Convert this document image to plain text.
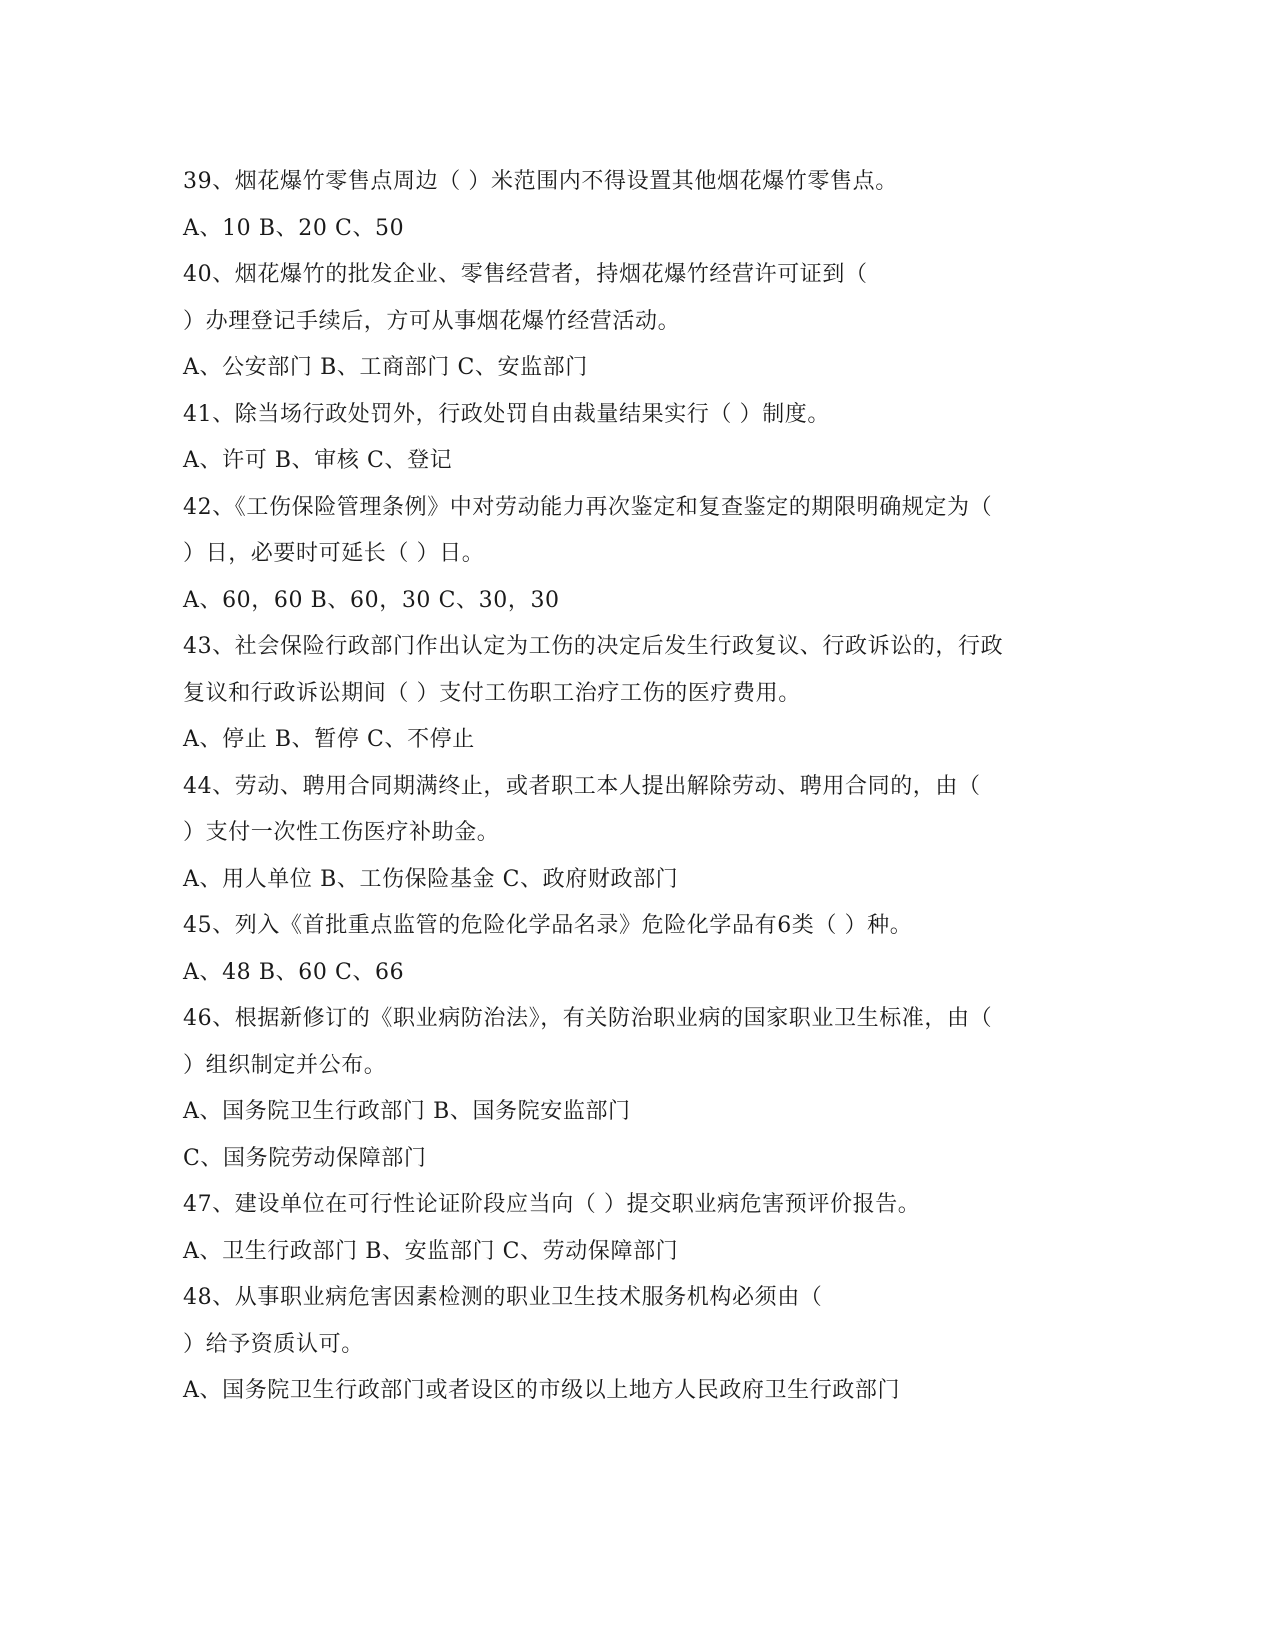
39、烟花爆竹零售点周边（ ）米范围内不得设置其他烟花爆竹零售点。
A、10 B、20 C、50
40、烟花爆竹的批发企业、零售经营者，持烟花爆竹经营许可证到（
）办理登记手续后，方可从事烟花爆竹经营活动。
A、公安部门 B、工商部门 C、安监部门
41、除当场行政处罚外，行政处罚自由裁量结果实行（ ）制度。
A、许可 B、审核 C、登记
42、《工伤保险管理条例》中对劳动能力再次鉴定和复查鉴定的期限明确规定为（
）日，必要时可延长（ ）日。
A、60，60 B、60，30 C、30，30
43、社会保险行政部门作出认定为工伤的决定后发生行政复议、行政诉讼的，行政
复议和行政诉讼期间（ ）支付工伤职工治疗工伤的医疗费用。
A、停止 B、暂停 C、不停止
44、劳动、聘用合同期满终止，或者职工本人提出解除劳动、聘用合同的，由（
）支付一次性工伤医疗补助金。
A、用人单位 B、工伤保险基金 C、政府财政部门
45、列入《首批重点监管的危险化学品名录》危险化学品有6类（ ）种。
A、48 B、60 C、66
46、根据新修订的《职业病防治法》，有关防治职业病的国家职业卫生标准，由（
）组织制定并公布。
A、国务院卫生行政部门 B、国务院安监部门
C、国务院劳动保障部门
47、建设单位在可行性论证阶段应当向（ ）提交职业病危害预评价报告。
A、卫生行政部门 B、安监部门 C、劳动保障部门
48、从事职业病危害因素检测的职业卫生技术服务机构必须由（
）给予资质认可。
A、国务院卫生行政部门或者设区的市级以上地方人民政府卫生行政部门
